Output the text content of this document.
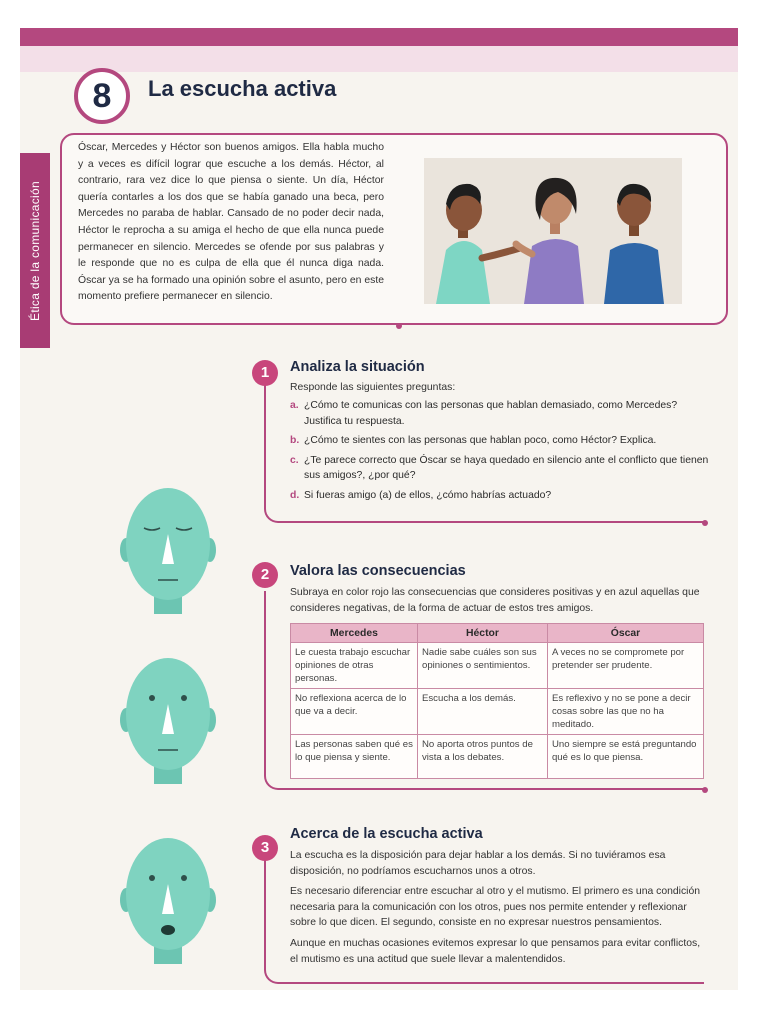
Ética de la comunicación
8	La escucha activa
Óscar, Mercedes y Héctor son buenos amigos. Ella habla mucho y a veces es difícil lograr que escuche a los demás. Héctor, al contrario, rara vez dice lo que piensa o siente. Un día, Héctor quería contarles a los dos que se había ganado una beca, pero Mercedes no paraba de hablar. Cansado de no poder decir nada, Héctor le reprocha a su amiga el hecho de que ella nunca puede permanecer en silencio. Mercedes se ofende por sus palabras y le responde que no es culpa de ella que él nunca diga nada. Óscar ya se ha formado una opinión sobre el asunto, pero en este momento prefiere permanecer en silencio.
1	Analiza la situación
Responde las siguientes preguntas:
a. ¿Cómo te comunicas con las personas que hablan demasiado, como Mercedes? Justifica tu respuesta.
b. ¿Cómo te sientes con las personas que hablan poco, como Héctor? Explica.
c. ¿Te parece correcto que Óscar se haya quedado en silencio ante el conflicto que tienen sus amigos?, ¿por qué?
d. Si fueras amigo (a) de ellos, ¿cómo habrías actuado?
2	Valora las consecuencias
Subraya en color rojo las consecuencias que consideres positivas y en azul aquellas que consideres negativas, de la forma de actuar de estos tres amigos.
Mercedes	Héctor	Óscar
Le cuesta trabajo escuchar opiniones de otras personas.	Nadie sabe cuáles son sus opiniones o sentimientos.	A veces no se compromete por pretender ser prudente.
No reflexiona acerca de lo que va a decir.	Escucha a los demás.	Es reflexivo y no se pone a decir cosas sobre las que no ha meditado.
Las personas saben qué es lo que piensa y siente.	No aporta otros puntos de vista a los debates.	Uno siempre se está preguntando qué es lo que piensa.
3
Acerca de la escucha activa
La escucha es la disposición para dejar hablar a los demás. Si no tuviéramos esa disposición, no podríamos escucharnos unos a otros.
Es necesario diferenciar entre escuchar al otro y el mutismo. El primero es una condición necesaria para la comunicación con los otros, pues nos permite entender y reflexionar sobre lo que dicen. El segundo, consiste en no expresar nuestros pensamientos.
Aunque en muchas ocasiones evitemos expresar lo que pensamos para evitar conflictos, el mutismo es una actitud que suele llevar a malentendidos.
